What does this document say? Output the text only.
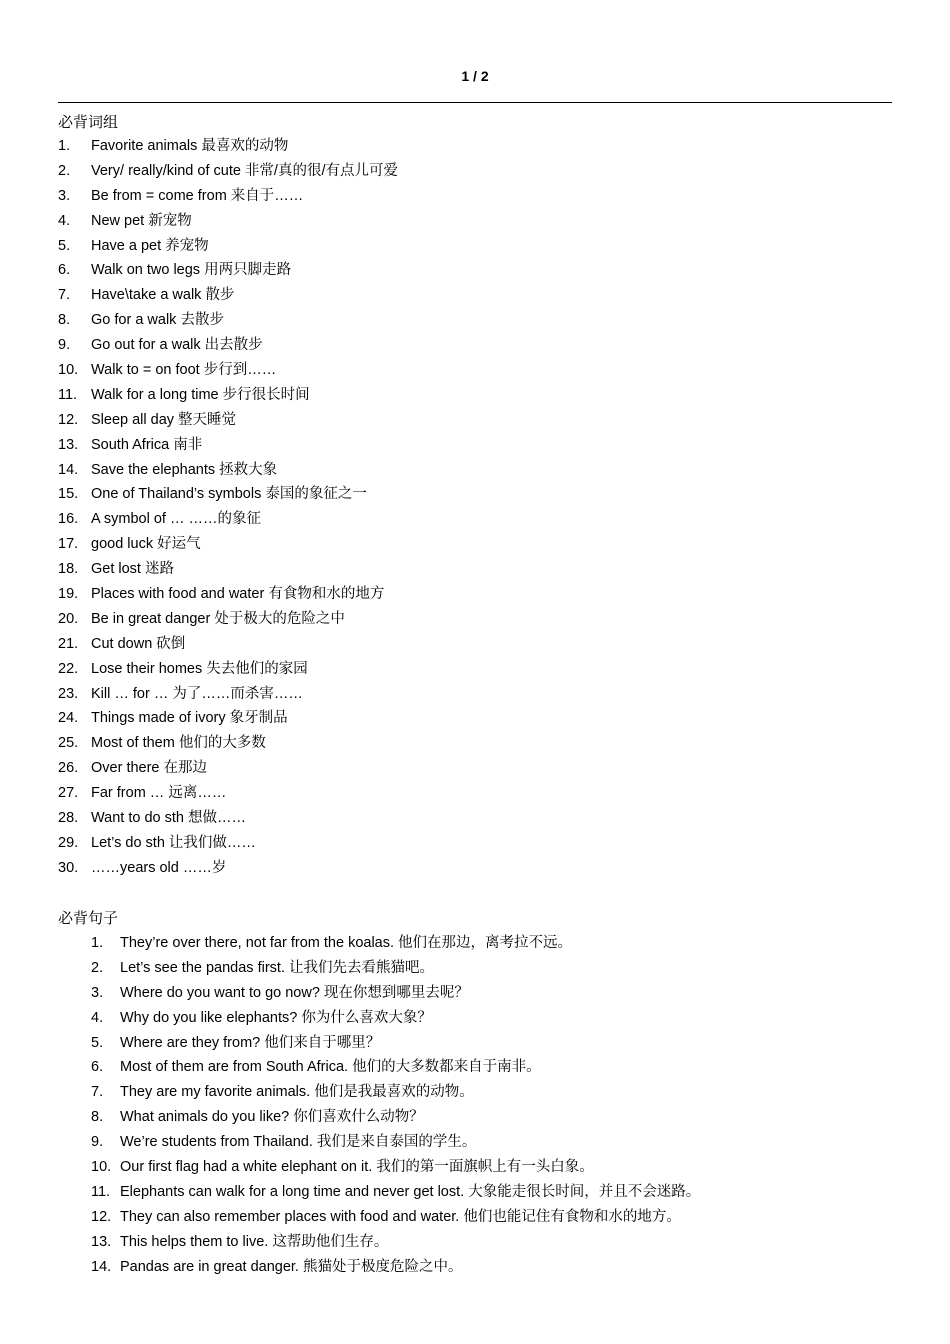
1 / 2
必背词组
1.	Favorite animals 最喜欢的动物
2.	Very/ really/kind of cute 非常/真的很/有点儿可爱
3.	Be from = come from 来自于……
4.	New pet 新宠物
5.	Have a pet 养宠物
6.	Walk on two legs 用两只脚走路
7.	Have\take a walk 散步
8.	Go for a walk 去散步
9.	Go out for a walk 出去散步
10. Walk to = on foot 步行到……
11. Walk for a long time 步行很长时间
12. Sleep all day 整天睡觉
13. South Africa 南非
14. Save the elephants 拯救大象
15. One of Thailand’s symbols 泰国的象征之一
16. A symbol of … ……的象征
17. good luck 好运气
18. Get lost 迷路
19. Places with food and water 有食物和水的地方
20. Be in great danger 处于极大的危险之中
21. Cut down 砍倒
22. Lose their homes 失去他们的家园
23. Kill … for … 为了……而杀害……
24. Things made of ivory 象牙制品
25. Most of them 他们的大多数
26. Over there 在那边
27. Far from … 远离……
28. Want to do sth 想做……
29. Let’s do sth 让我们做……
30. ……years old ……岁
必背句子
1.	They’re over there, not far from the koalas. 他们在那边，离考拉不远。
2.	Let’s see the pandas first. 让我们先去看熊猫吧。
3.	Where do you want to go now? 现在你想到哪里去呢？
4.	Why do you like elephants? 你为什么喜欢大象？
5.	Where are they from? 他们来自于哪里？
6.	Most of them are from South Africa. 他们的大多数都来自于南非。
7.	They are my favorite animals. 他们是我最喜欢的动物。
8.	What animals do you like? 你们喜欢什么动物？
9.	We’re students from Thailand. 我们是来自泰国的学生。
10. Our first flag had a white elephant on it. 我们的第一面旗帜上有一头白象。
11. Elephants can walk for a long time and never get lost. 大象能走很长时间，并且不会迷路。
12. They can also remember places with food and water. 他们也能记住有食物和水的地方。
13. This helps them to live. 这帮助他们生存。
14. Pandas are in great danger. 熊猫处于极度危险之中。
